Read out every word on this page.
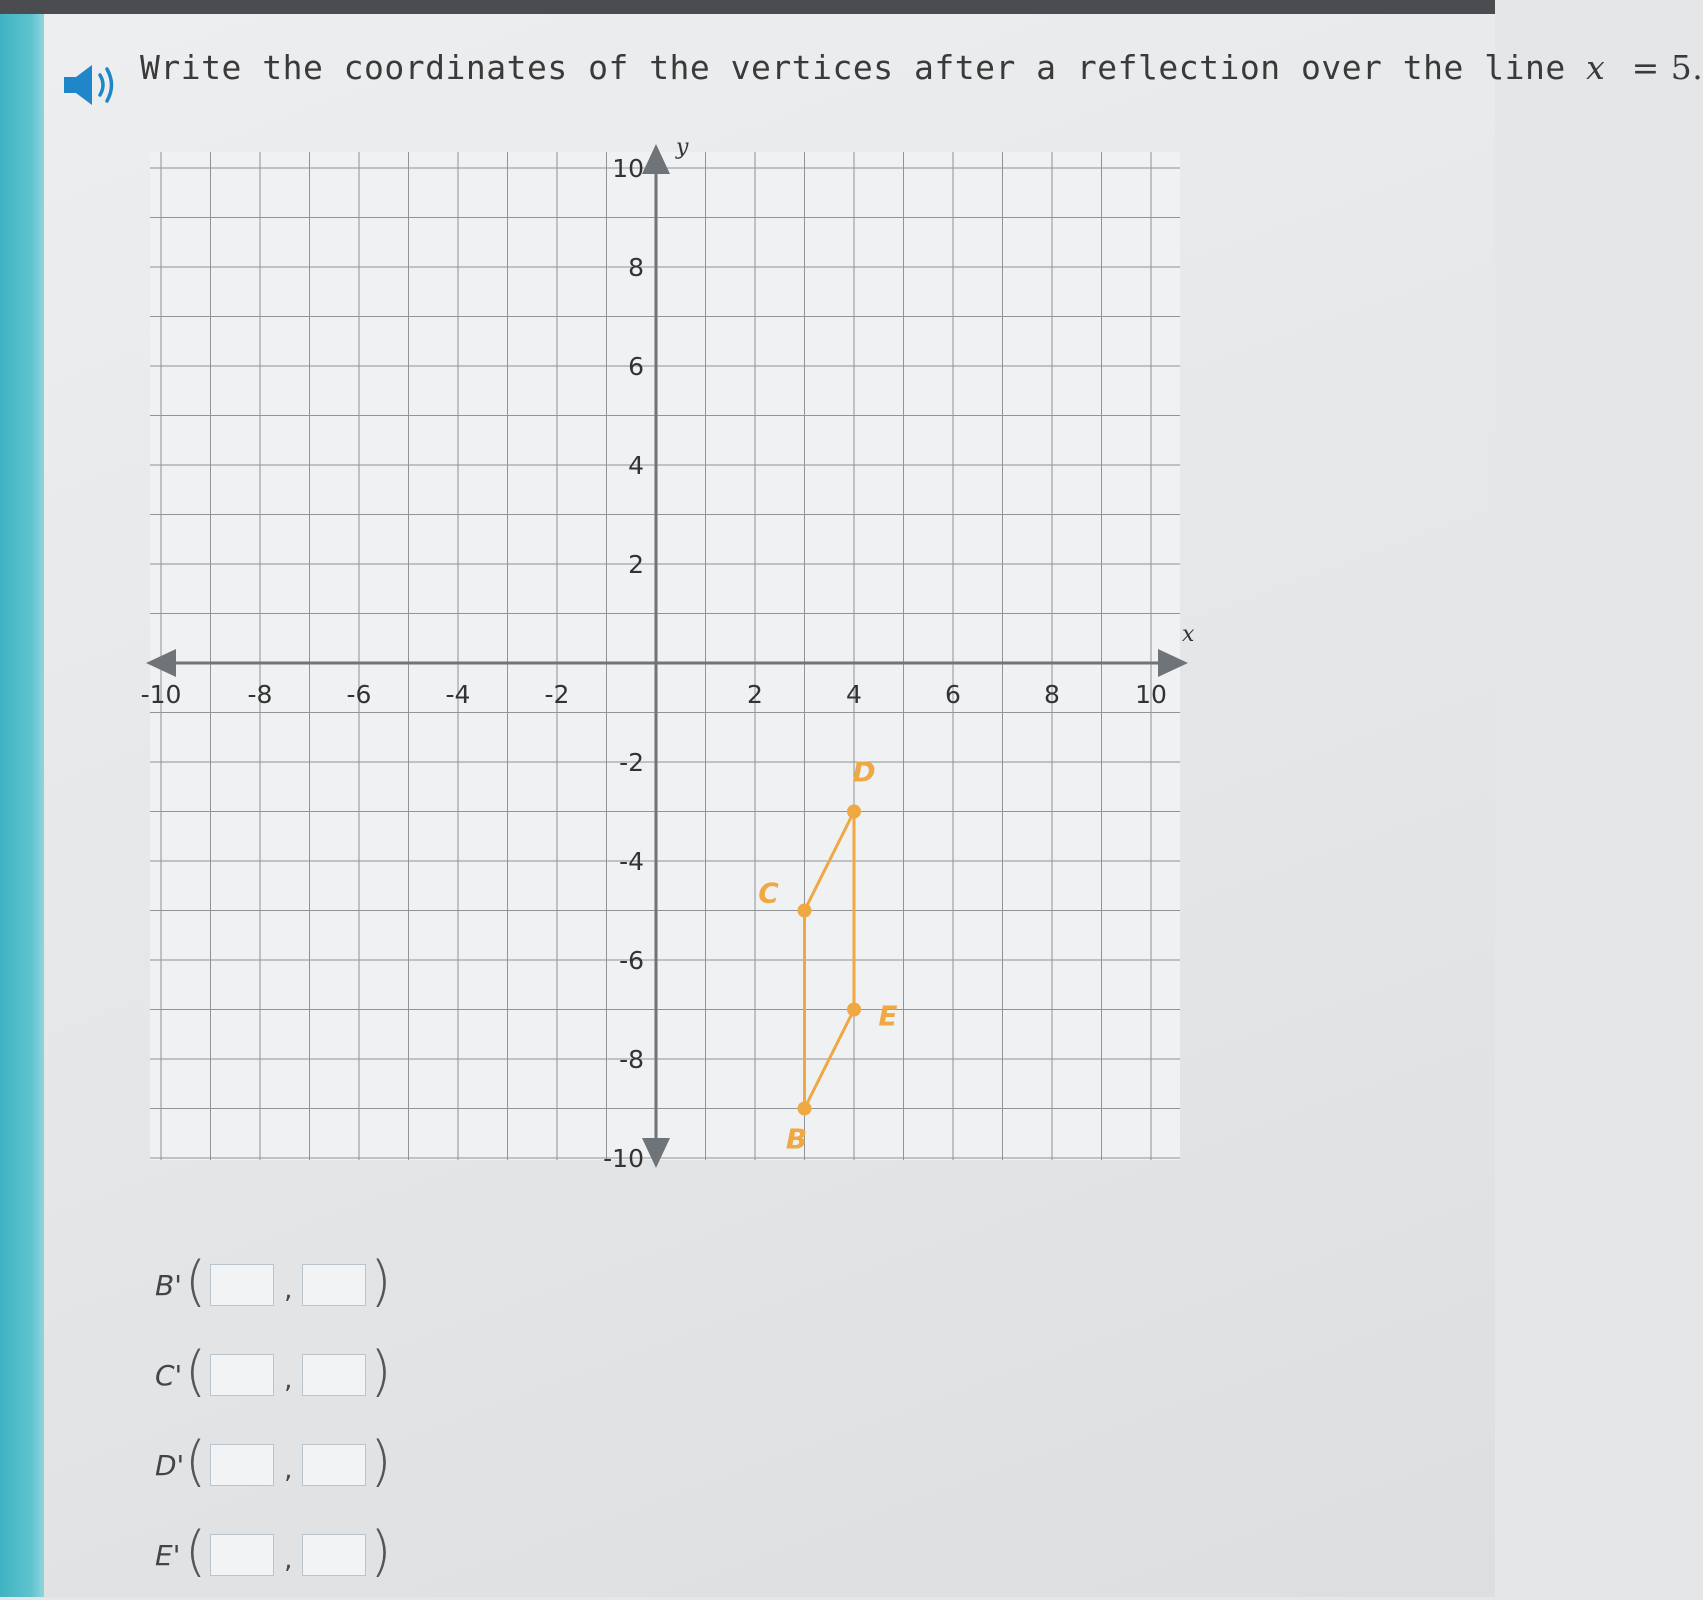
Write the coordinates of the vertices after a reflection over the line x = 5.
x
y
-10	-8	-6	-4	-2	2	4	6	8	10
10
8
6
4
2
-2
-4
-6
-8
-10
B
C
D
E
B' (	, )
C' (	, )
D' (	, )
E' (	, )
